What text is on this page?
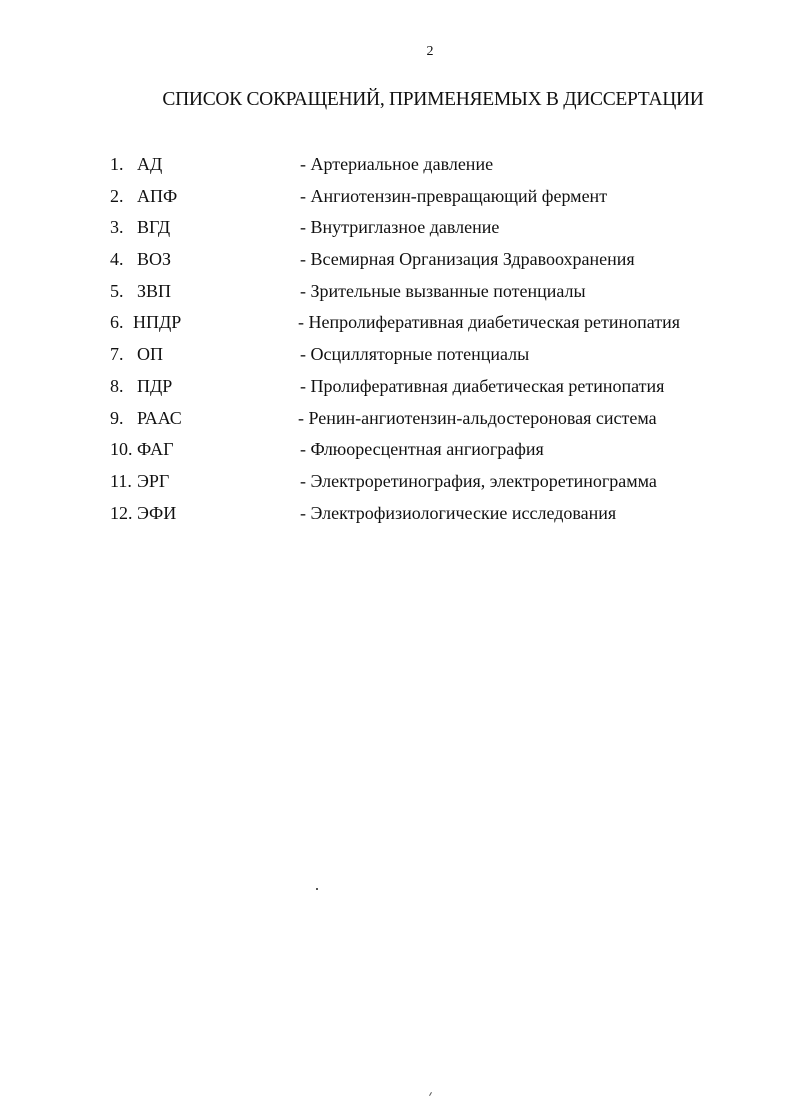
2
СПИСОК СОКРАЩЕНИЙ, ПРИМЕНЯЕМЫХ В ДИССЕРТАЦИИ
1. АД	- Артериальное давление
2. АПФ	- Ангиотензин-превращающий фермент
3. ВГД	- Внутриглазное давление
4. ВОЗ	- Всемирная Организация Здравоохранения
5. ЗВП	- Зрительные вызванные потенциалы
6. НПДР	- Непролиферативная диабетическая ретинопатия
7. ОП	- Осцилляторные потенциалы
8. ПДР	- Пролиферативная диабетическая ретинопатия
9. РААС	- Ренин-ангиотензин-альдостероновая система
10. ФАГ	- Флюоресцентная ангиография
11. ЭРГ	- Электроретинография, электроретинограмма
12. ЭФИ	- Электрофизиологические исследования
